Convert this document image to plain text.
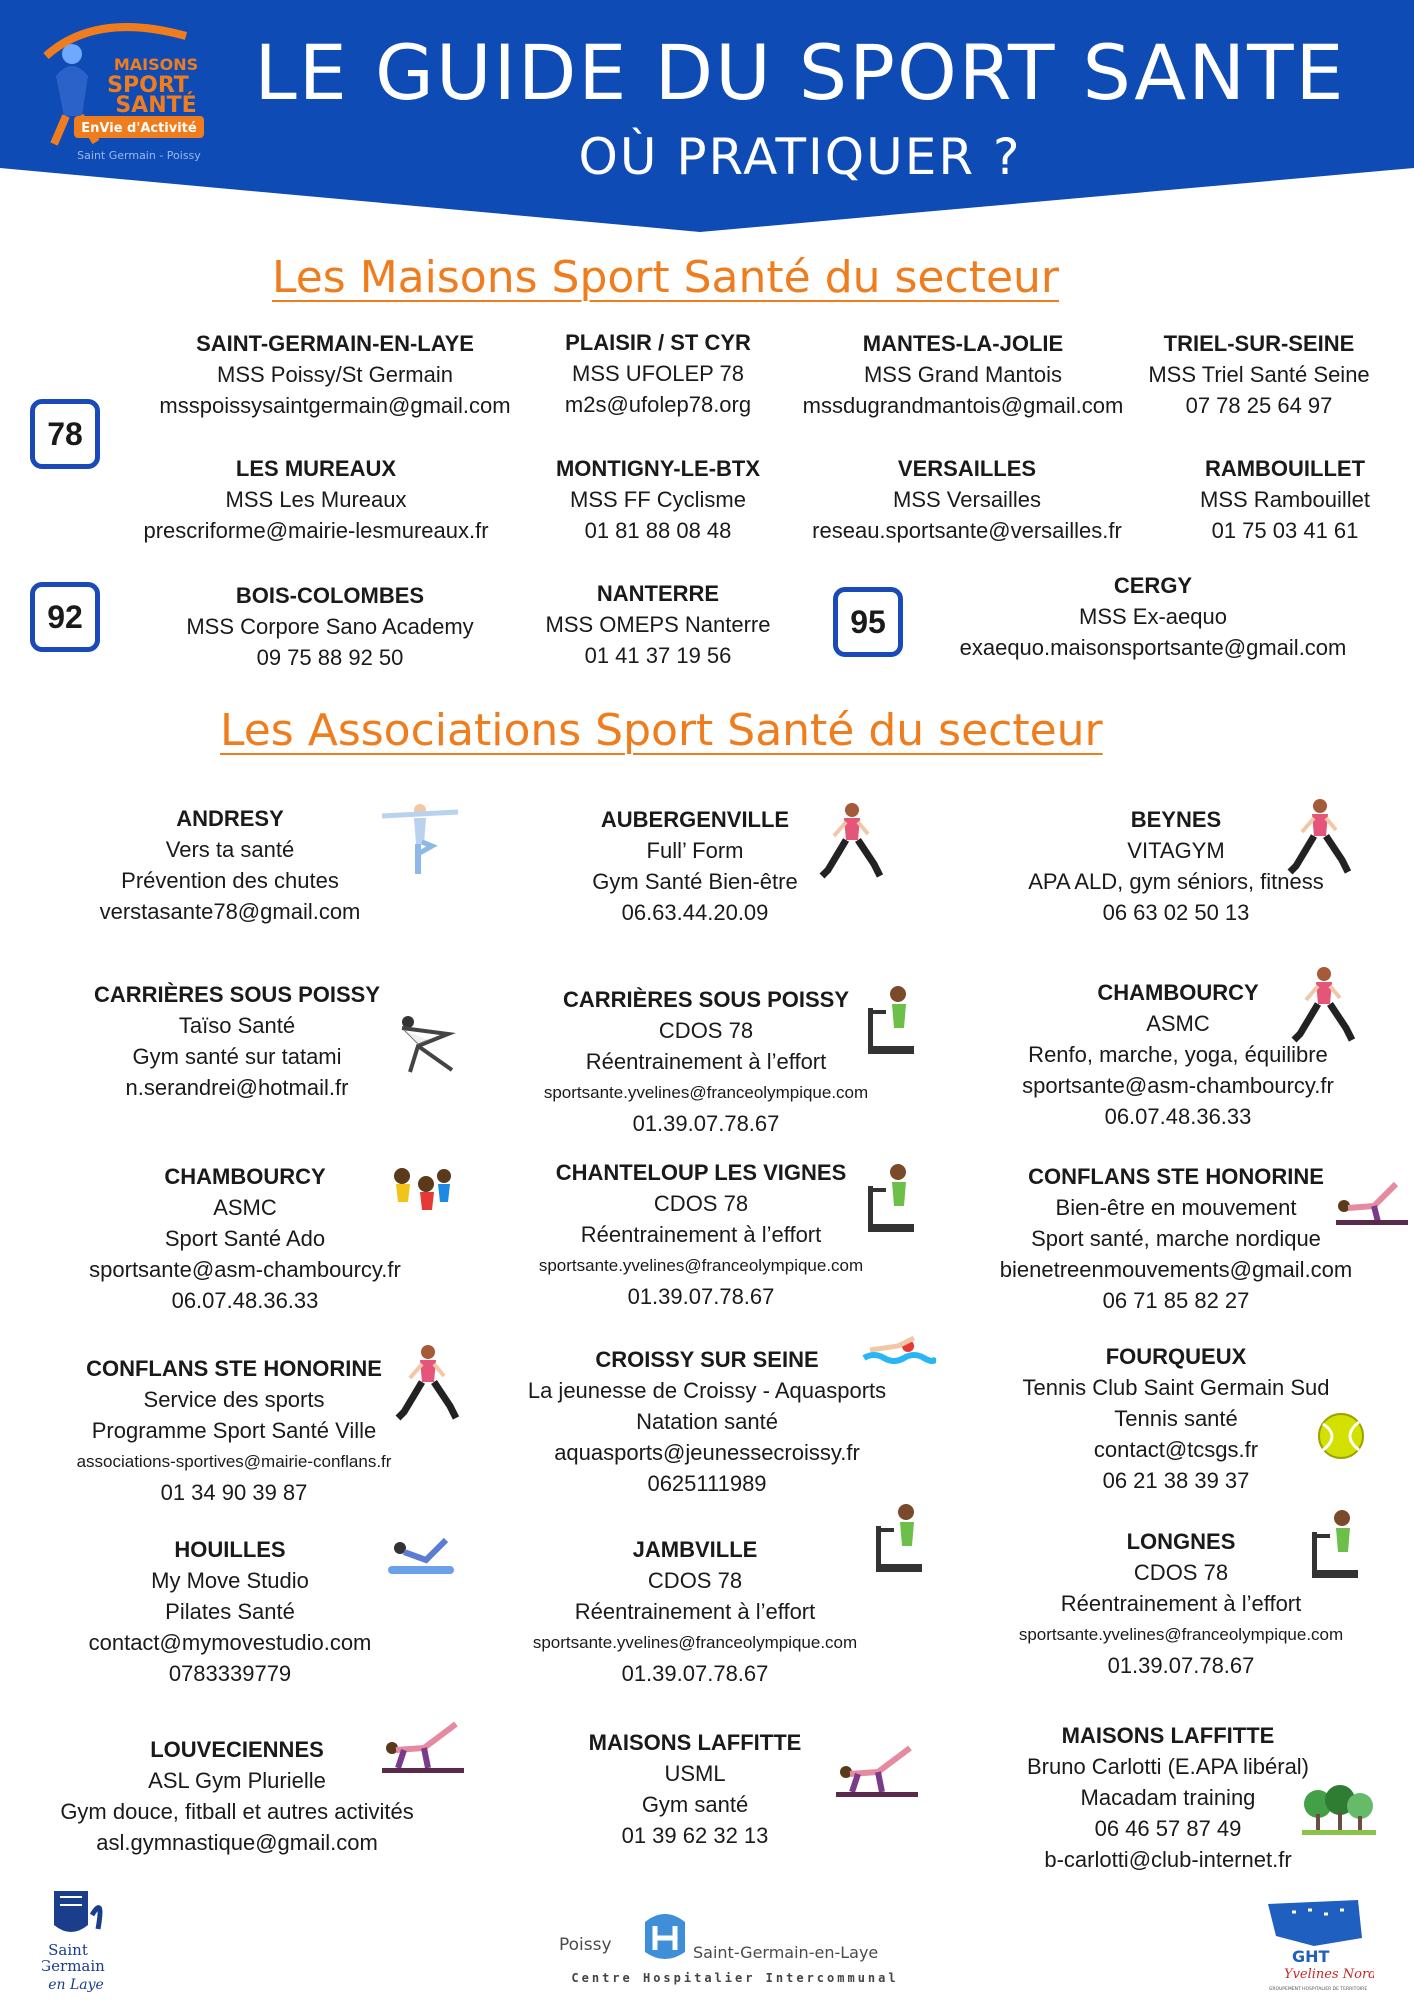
MAISONS
SPORT
SANTÉ
EnVie d'Activité
Saint Germain - Poissy
LE GUIDE DU SPORT SANTE
OÙ PRATIQUER ?
Les Maisons Sport Santé du secteur
78
92	95
SAINT-GERMAIN-EN-LAYE
MSS Poissy/St Germain
msspoissysaintgermain@gmail.com
PLAISIR / ST CYR
MSS UFOLEP 78
m2s@ufolep78.org
MANTES-LA-JOLIE
MSS Grand Mantois
mssdugrandmantois@gmail.com
TRIEL-SUR-SEINE
MSS Triel Santé Seine
07 78 25 64 97
LES MUREAUX
MSS Les Mureaux
prescriforme@mairie-lesmureaux.fr
MONTIGNY-LE-BTX
MSS FF Cyclisme
01 81 88 08 48
VERSAILLES
MSS Versailles
reseau.sportsante@versailles.fr
RAMBOUILLET
MSS Rambouillet
01 75 03 41 61
BOIS-COLOMBES
MSS Corpore Sano Academy
09 75 88 92 50
NANTERRE
MSS OMEPS Nanterre
01 41 37 19 56
CERGY
MSS Ex-aequo
exaequo.maisonsportsante@gmail.com
Les Associations Sport Santé du secteur
ANDRESY
Vers ta santé
Prévention des chutes
verstasante78@gmail.com
AUBERGENVILLE
Full’ Form
Gym Santé Bien-être
06.63.44.20.09
BEYNES
VITAGYM
APA ALD, gym séniors, fitness
06 63 02 50 13
CARRIÈRES SOUS POISSY
Taïso Santé
Gym santé sur tatami
n.serandrei@hotmail.fr
CARRIÈRES SOUS POISSY
CDOS 78
Réentrainement à l’effort
sportsante.yvelines@franceolympique.com
01.39.07.78.67
CHAMBOURCY
ASMC
Renfo, marche, yoga, équilibre
sportsante@asm-chambourcy.fr
06.07.48.36.33
CHAMBOURCY
ASMC
Sport Santé Ado
sportsante@asm-chambourcy.fr
06.07.48.36.33
CHANTELOUP LES VIGNES
CDOS 78
Réentrainement à l’effort
sportsante.yvelines@franceolympique.com
01.39.07.78.67
CONFLANS STE HONORINE
Bien-être en mouvement
Sport santé, marche nordique
bienetreenmouvements@gmail.com
06 71 85 82 27
CONFLANS STE HONORINE
Service des sports
Programme Sport Santé Ville
associations-sportives@mairie-conflans.fr
01 34 90 39 87
CROISSY SUR SEINE
La jeunesse de Croissy - Aquasports
Natation santé
aquasports@jeunessecroissy.fr
0625111989
FOURQUEUX
Tennis Club Saint Germain Sud
Tennis santé
contact@tcsgs.fr
06 21 38 39 37
HOUILLES
My Move Studio
Pilates Santé
contact@mymovestudio.com
0783339779
JAMBVILLE
CDOS 78
Réentrainement à l’effort
sportsante.yvelines@franceolympique.com
01.39.07.78.67
LONGNES
CDOS 78
Réentrainement à l’effort
sportsante.yvelines@franceolympique.com
01.39.07.78.67
LOUVECIENNES
ASL Gym Plurielle
Gym douce, fitball et autres activités
asl.gymnastique@gmail.com
MAISONS LAFFITTE
USML
Gym santé
01 39 62 32 13
MAISONS LAFFITTE
Bruno Carlotti (E.APA libéral)
Macadam training
06 46 57 87 49
b-carlotti@club-internet.fr
Saint
Germain
en Laye
Poissy	Saint-Germain-en-Laye
Centre Hospitalier Intercommunal
GHT
Yvelines Nord
GROUPEMENT HOSPITALIER DE TERRITOIRE
